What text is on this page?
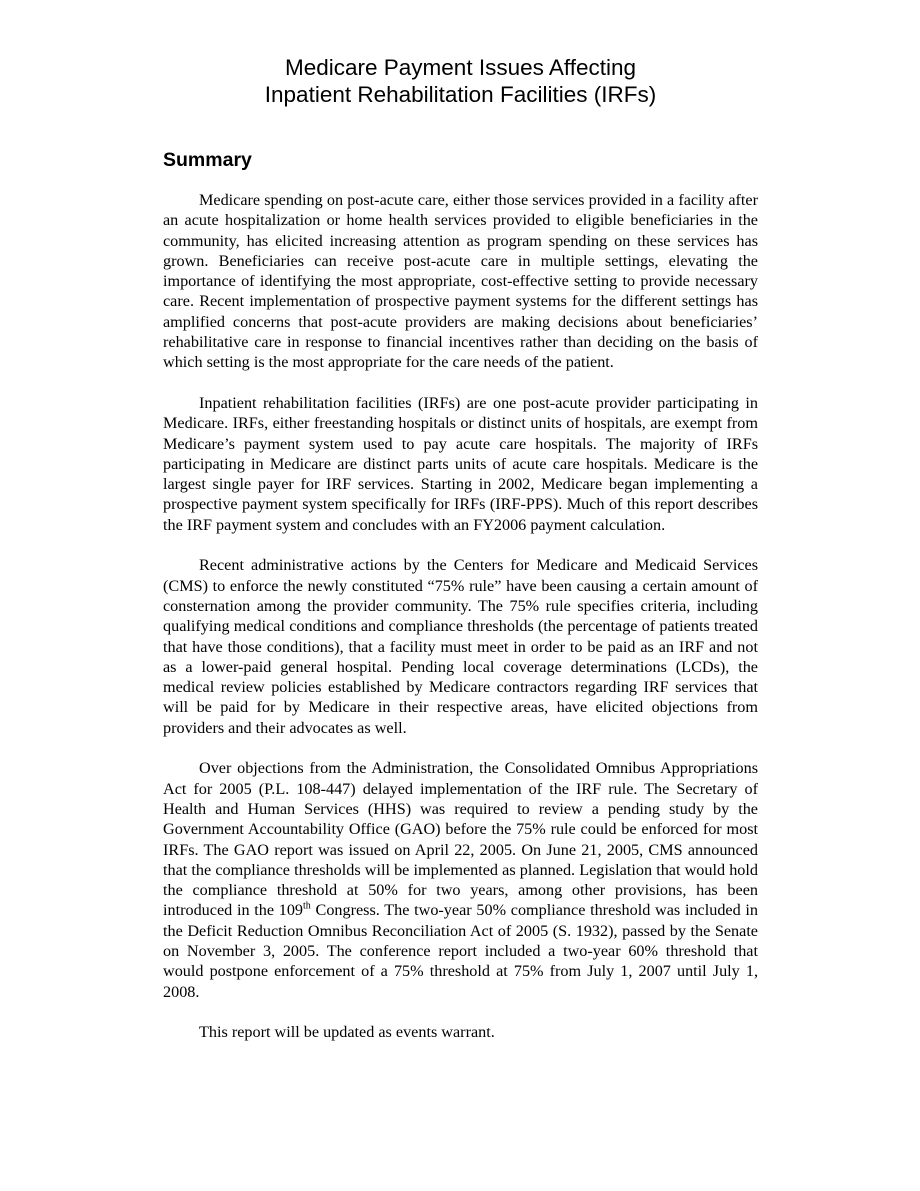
Medicare Payment Issues Affecting
Inpatient Rehabilitation Facilities (IRFs)
Summary

Medicare spending on post-acute care, either those services provided in a facility after an acute hospitalization or home health services provided to eligible beneficiaries in the community, has elicited increasing attention as program spending on these services has grown. Beneficiaries can receive post-acute care in multiple settings, elevating the importance of identifying the most appropriate, cost-effective setting to provide necessary care. Recent implementation of prospective payment systems for the different settings has amplified concerns that post-acute providers are making decisions about beneficiaries’ rehabilitative care in response to financial incentives rather than deciding on the basis of which setting is the most appropriate for the care needs of the patient.

Inpatient rehabilitation facilities (IRFs) are one post-acute provider participating in Medicare. IRFs, either freestanding hospitals or distinct units of hospitals, are exempt from Medicare’s payment system used to pay acute care hospitals. The majority of IRFs participating in Medicare are distinct parts units of acute care hospitals. Medicare is the largest single payer for IRF services. Starting in 2002, Medicare began implementing a prospective payment system specifically for IRFs (IRF-PPS). Much of this report describes the IRF payment system and concludes with an FY2006 payment calculation.

Recent administrative actions by the Centers for Medicare and Medicaid Services (CMS) to enforce the newly constituted “75% rule” have been causing a certain amount of consternation among the provider community. The 75% rule specifies criteria, including qualifying medical conditions and compliance thresholds (the percentage of patients treated that have those conditions), that a facility must meet in order to be paid as an IRF and not as a lower-paid general hospital. Pending local coverage determinations (LCDs), the medical review policies established by Medicare contractors regarding IRF services that will be paid for by Medicare in their respective areas, have elicited objections from providers and their advocates as well.

Over objections from the Administration, the Consolidated Omnibus Appropriations Act for 2005 (P.L. 108-447) delayed implementation of the IRF rule. The Secretary of Health and Human Services (HHS) was required to review a pending study by the Government Accountability Office (GAO) before the 75% rule could be enforced for most IRFs. The GAO report was issued on April 22, 2005. On June 21, 2005, CMS announced that the compliance thresholds will be implemented as planned. Legislation that would hold the compliance threshold at 50% for two years, among other provisions, has been introduced in the 109th Congress. The two-year 50% compliance threshold was included in the Deficit Reduction Omnibus Reconciliation Act of 2005 (S. 1932), passed by the Senate on November 3, 2005. The conference report included a two-year 60% threshold that would postpone enforcement of a 75% threshold at 75% from July 1, 2007 until July 1, 2008.

This report will be updated as events warrant.
